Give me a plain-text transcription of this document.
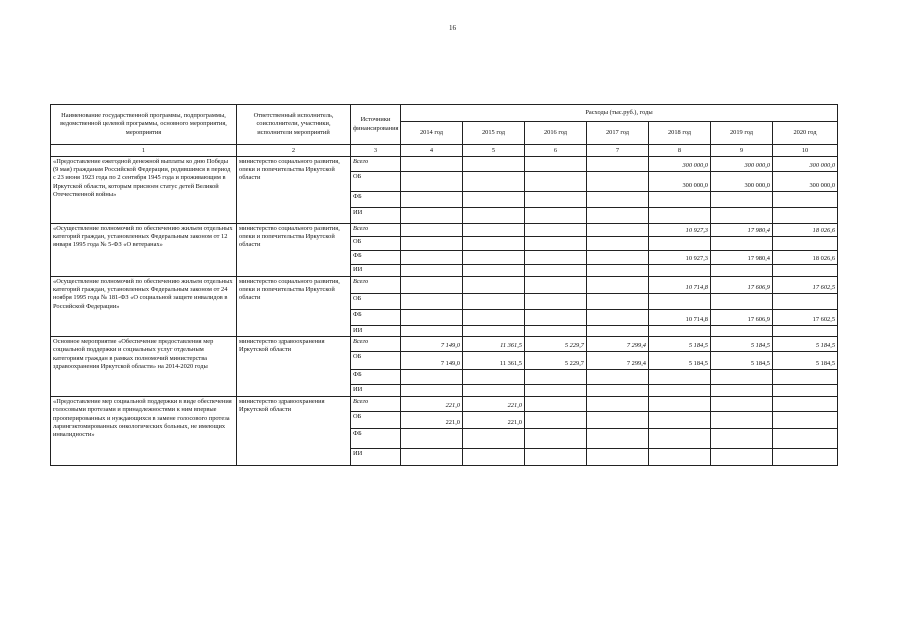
16
Наименование государственной программы, подпрограммы, ведомственной целевой программы, основного мероприятия, мероприятия	Ответственный исполнитель, соисполнители, участники, исполнители мероприятий	Источники финансирования	Расходы (тыс.руб.), годы						
			2014 год	2015 год	2016 год	2017 год	2018 год	2019 год	2020 год
1	2	3	4	5	6	7	8	9	10
«Предоставление ежегодной денежной выплаты ко дню Победы (9 мая) гражданам Российской Федерации, родившимся в период с 23 июня 1923 года по 2 сентября 1945 года и проживающим в Иркутской области, которым присвоен статус детей Великой Отечественной войны»	министерство социального развития, опеки и попечительства Иркутской области	Всего					300 000,0	300 000,0	300 000,0
		ОБ					300 000,0	300 000,0	300 000,0
		ФБ							
		ИИ							
«Осуществление полномочий по обеспечению жильем отдельных категорий граждан, установленных Федеральным законом от 12 января 1995 года № 5-ФЗ «О ветеранах»	министерство социального развития, опеки и попечительства Иркутской области	Всего					10 927,3	17 980,4	18 026,6
		ОБ							
		ФБ					10 927,3	17 980,4	18 026,6
		ИИ							
«Осуществление полномочий по обеспечению жильем отдельных категорий граждан, установленных Федеральным законом от 24 ноября 1995 года № 181-ФЗ «О социальной защите инвалидов в Российской Федерации»	министерство социального развития, опеки и попечительства Иркутской области	Всего					10 714,8	17 606,9	17 602,5
		ОБ							
		ФБ					10 714,8	17 606,9	17 602,5
		ИИ							
Основное мероприятие «Обеспечение предоставления мер социальной поддержки и социальных услуг отдельным категориям граждан в рамках полномочий министерства здравоохранения Иркутской области» на 2014-2020 годы	министерство здравоохранения Иркутской области	Всего	7 149,0	11 361,5	5 229,7	7 299,4	5 184,5	5 184,5	5 184,5
		ОБ	7 149,0	11 361,5	5 229,7	7 299,4	5 184,5	5 184,5	5 184,5
		ФБ							
		ИИ							
«Предоставление мер социальной поддержки в виде обеспечения голосовыми протезами и принадлежностями к ним впервые прооперированных и нуждающихся в замене голосового протеза ларингэктомированных онкологических больных, не имеющих инвалидности»	министерство здравоохранения Иркутской области	Всего	221,0	221,0					
		ОБ	221,0	221,0					
		ФБ							
		ИИ							
